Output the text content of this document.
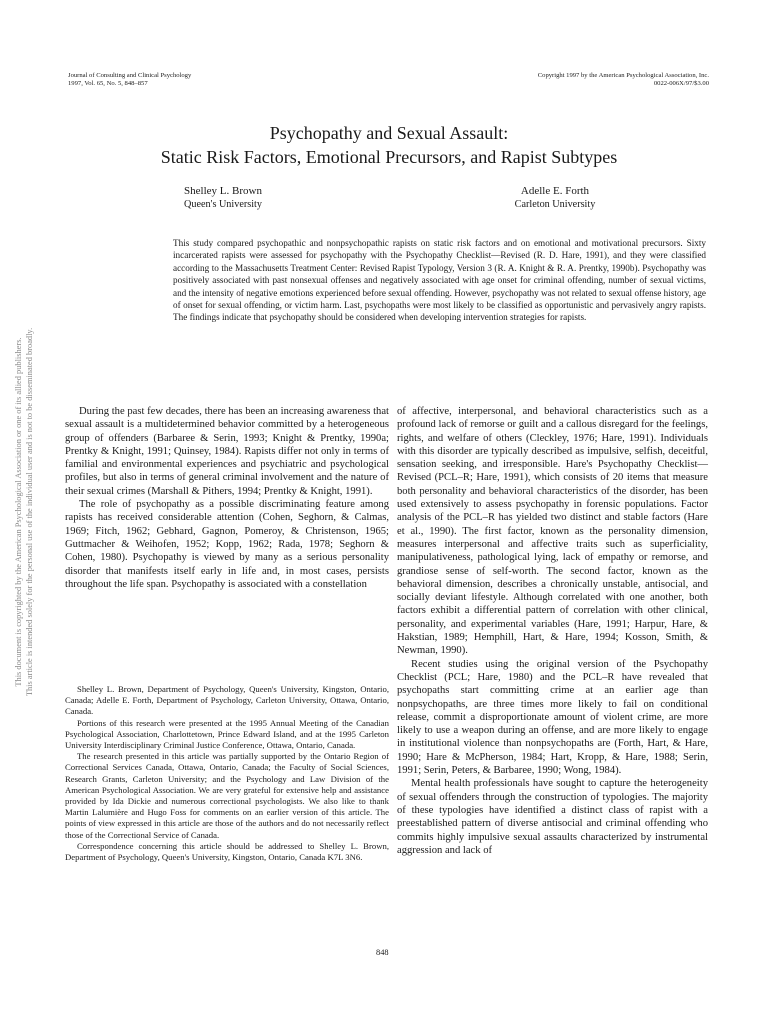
This document is copyrighted by the American Psychological Association or one of its allied publishers. This article is intended solely for the personal use of the individual user and is not to be disseminated broadly.
Journal of Consulting and Clinical Psychology
1997, Vol. 65, No. 5, 848–857
Copyright 1997 by the American Psychological Association, Inc.
0022-006X/97/$3.00
Psychopathy and Sexual Assault:
Static Risk Factors, Emotional Precursors, and Rapist Subtypes
Shelley L. Brown
Queen's University
Adelle E. Forth
Carleton University
This study compared psychopathic and nonpsychopathic rapists on static risk factors and on emotional and motivational precursors. Sixty incarcerated rapists were assessed for psychopathy with the Psychopathy Checklist—Revised (R. D. Hare, 1991), and they were classified according to the Massachusetts Treatment Center: Revised Rapist Typology, Version 3 (R. A. Knight & R. A. Prentky, 1990b). Psychopathy was positively associated with past nonsexual offenses and negatively associated with age onset for criminal offending, number of sexual victims, and the intensity of negative emotions experienced before sexual offending. However, psychopathy was not related to sexual offense history, age of onset for sexual offending, or victim harm. Last, psychopaths were most likely to be classified as opportunistic and pervasively angry rapists. The findings indicate that psychopathy should be considered when developing intervention strategies for rapists.

During the past few decades, there has been an increasing awareness that sexual assault is a multidetermined behavior committed by a heterogeneous group of offenders (Barbaree & Serin, 1993; Knight & Prentky, 1990a; Prentky & Knight, 1991; Quinsey, 1984). Rapists differ not only in terms of familial and environmental experiences and psychiatric and psychological profiles, but also in terms of general criminal involvement and the nature of their sexual crimes (Marshall & Pithers, 1994; Prentky & Knight, 1991).

The role of psychopathy as a possible discriminating feature among rapists has received considerable attention (Cohen, Seghorn, & Calmas, 1969; Fitch, 1962; Gebhard, Gagnon, Pomeroy, & Christenson, 1965; Guttmacher & Weihofen, 1952; Kopp, 1962; Rada, 1978; Seghorn & Cohen, 1980). Psychopathy is viewed by many as a serious personality disorder that manifests itself early in life and, in most cases, persists throughout the life span. Psychopathy is associated with a constellation

Shelley L. Brown, Department of Psychology, Queen's University, Kingston, Ontario, Canada; Adelle E. Forth, Department of Psychology, Carleton University, Ottawa, Ontario, Canada.

Portions of this research were presented at the 1995 Annual Meeting of the Canadian Psychological Association, Charlottetown, Prince Edward Island, and at the 1995 Carleton University Interdisciplinary Criminal Justice Conference, Ottawa, Ontario, Canada.

The research presented in this article was partially supported by the Ontario Region of Correctional Services Canada, Ottawa, Ontario, Canada; the Faculty of Social Sciences, Research Grants, Carleton University; and the Psychology and Law Division of the American Psychological Association. We are very grateful for extensive help and assistance provided by Ida Dickie and numerous correctional psychologists. We also like to thank Martin Lalumière and Hugo Foss for comments on an earlier version of this article. The points of view expressed in this article are those of the authors and do not necessarily reflect those of the Correctional Service of Canada.

Correspondence concerning this article should be addressed to Shelley L. Brown, Department of Psychology, Queen's University, Kingston, Ontario, Canada K7L 3N6.

of affective, interpersonal, and behavioral characteristics such as a profound lack of remorse or guilt and a callous disregard for the feelings, rights, and welfare of others (Cleckley, 1976; Hare, 1991). Individuals with this disorder are typically described as impulsive, selfish, deceitful, sensation seeking, and irresponsible. Hare's Psychopathy Checklist—Revised (PCL–R; Hare, 1991), which consists of 20 items that measure both personality and behavioral characteristics of the disorder, has been used extensively to assess psychopathy in forensic populations. Factor analysis of the PCL–R has yielded two distinct and stable factors (Hare et al., 1990). The first factor, known as the personality dimension, measures interpersonal and affective traits such as superficiality, manipulativeness, pathological lying, lack of empathy or remorse, and grandiose sense of self-worth. The second factor, known as the behavioral dimension, describes a chronically unstable, antisocial, and socially deviant lifestyle. Although correlated with one another, both factors exhibit a differential pattern of correlation with other clinical, personality, and experimental variables (Hare, 1991; Harpur, Hare, & Hakstian, 1989; Hemphill, Hart, & Hare, 1994; Kosson, Smith, & Newman, 1990).

Recent studies using the original version of the Psychopathy Checklist (PCL; Hare, 1980) and the PCL–R have revealed that psychopaths start committing crime at an earlier age than nonpsychopaths, are three times more likely to fail on conditional release, commit a disproportionate amount of violent crime, are more likely to use a weapon during an offense, and are more likely to engage in institutional violence than nonpsychopaths are (Forth, Hart, & Hare, 1990; Hare & McPherson, 1984; Hart, Kropp, & Hare, 1988; Serin, 1991; Serin, Peters, & Barbaree, 1990; Wong, 1984).

Mental health professionals have sought to capture the heterogeneity of sexual offenders through the construction of typologies. The majority of these typologies have identified a distinct class of rapist with a preestablished pattern of diverse antisocial and criminal offending who commits highly impulsive sexual assaults characterized by instrumental aggression and lack of

848
